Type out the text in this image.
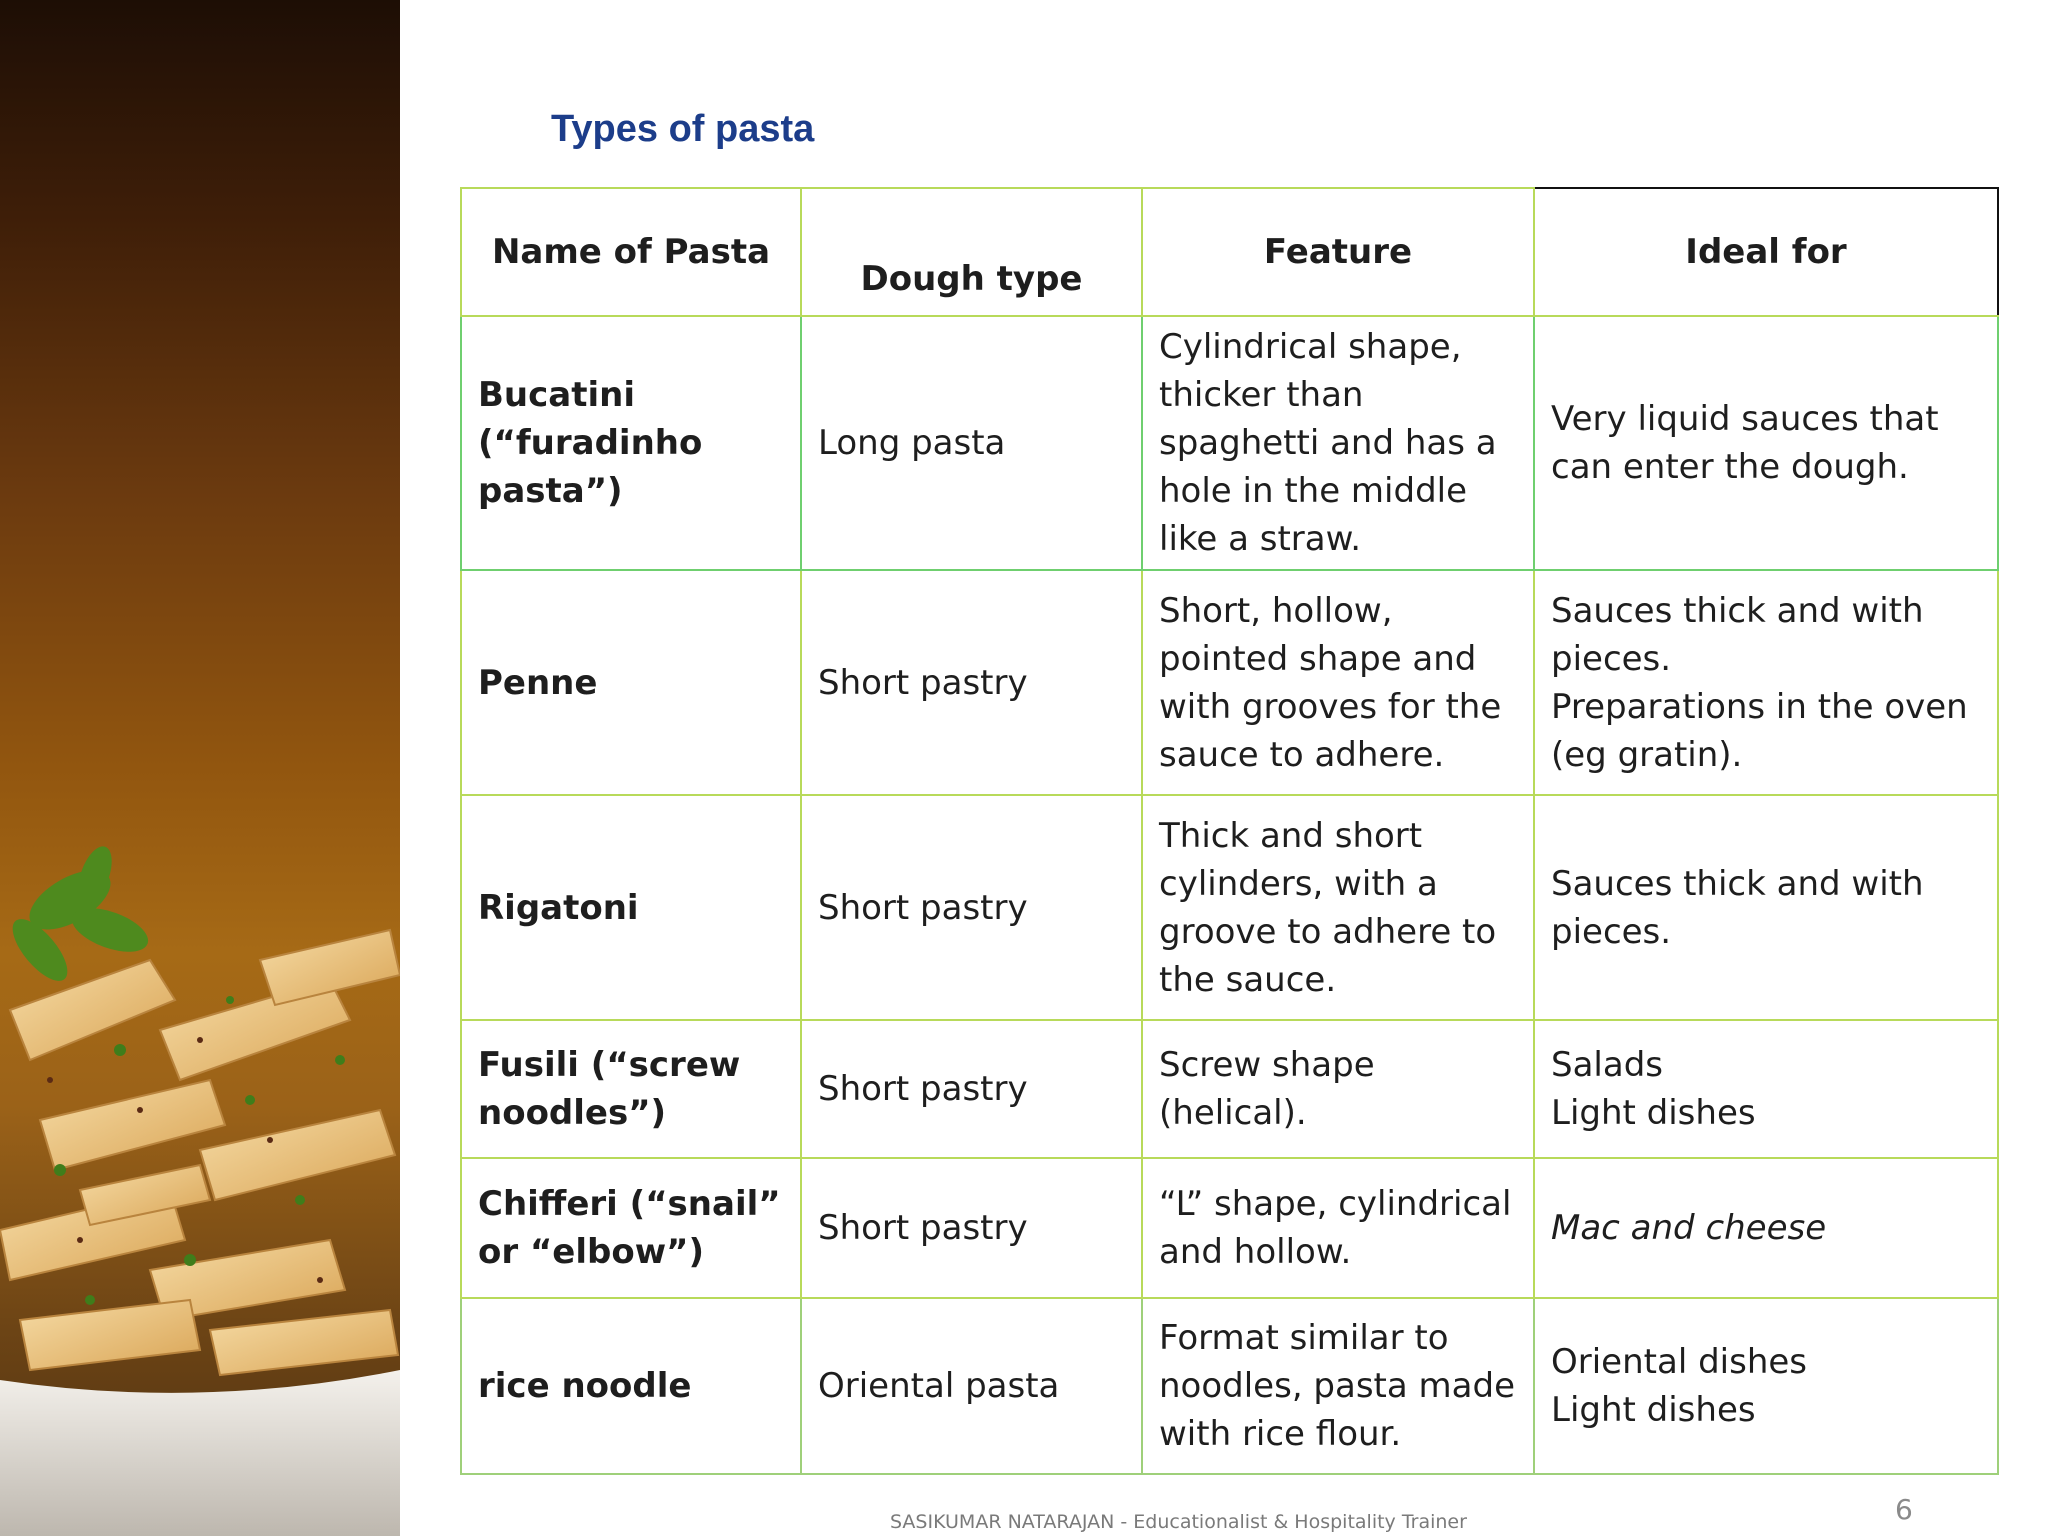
Types of pasta
Name of Pasta	Dough type	Feature	Ideal for
Bucatini (“furadinho pasta”)	Long pasta	Cylindrical shape, thicker than spaghetti and has a hole in the middle like a straw.	Very liquid sauces that can enter the dough.

Penne	Short pastry	Short, hollow, pointed shape and with grooves for the sauce to adhere.	Sauces thick and with pieces.
Preparations in the oven (eg gratin).

Rigatoni	Short pastry	Thick and short cylinders, with a groove to adhere to the sauce.	Sauces thick and with pieces.

Fusili (“screw noodles”)	Short pastry	Screw shape (helical).	Salads
Light dishes

Chifferi (“snail” or “elbow”)	Short pastry	“L” shape, cylindrical and hollow.	Mac and cheese

rice noodle	Oriental pasta	Format similar to noodles, pasta made with rice flour.	Oriental dishes
Light dishes
SASIKUMAR NATARAJAN - Educationalist & Hospitality Trainer	6
